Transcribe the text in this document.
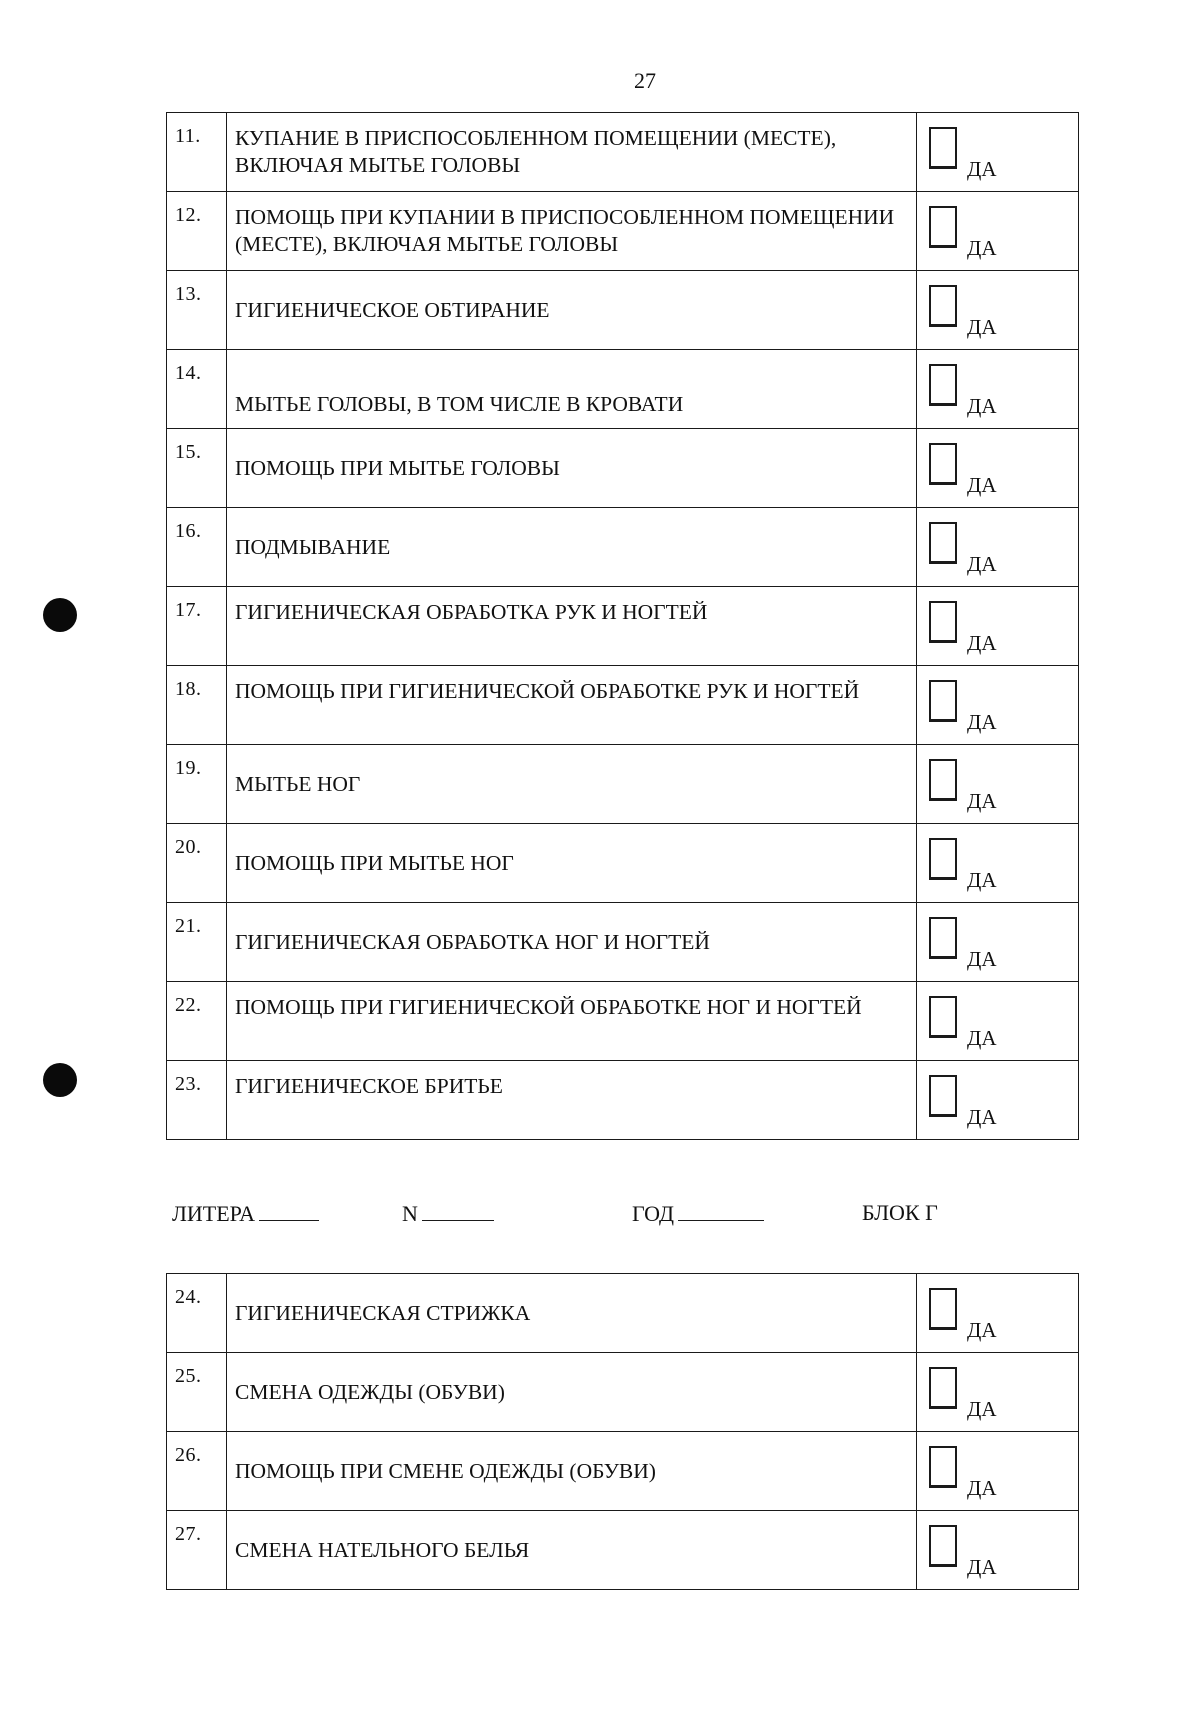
27
11.	КУПАНИЕ В ПРИСПОСОБЛЕННОМ ПОМЕЩЕНИИ (МЕСТЕ), ВКЛЮЧАЯ МЫТЬЕ ГОЛОВЫ	ДА

12.	ПОМОЩЬ ПРИ КУПАНИИ В ПРИСПОСОБЛЕННОМ ПОМЕЩЕНИИ (МЕСТЕ), ВКЛЮЧАЯ МЫТЬЕ ГОЛОВЫ	ДА

13.	ГИГИЕНИЧЕСКОЕ ОБТИРАНИЕ	ДА

14.	МЫТЬЕ ГОЛОВЫ, В ТОМ ЧИСЛЕ В КРОВАТИ	ДА

15.	ПОМОЩЬ ПРИ МЫТЬЕ ГОЛОВЫ	ДА

16.	ПОДМЫВАНИЕ	ДА

17.	ГИГИЕНИЧЕСКАЯ ОБРАБОТКА РУК И НОГТЕЙ	ДА

18.	ПОМОЩЬ ПРИ ГИГИЕНИЧЕСКОЙ ОБРАБОТКЕ РУК И НОГТЕЙ	ДА

19.	МЫТЬЕ НОГ	ДА

20.	ПОМОЩЬ ПРИ МЫТЬЕ НОГ	ДА

21.	ГИГИЕНИЧЕСКАЯ ОБРАБОТКА НОГ И НОГТЕЙ	ДА

22.	ПОМОЩЬ ПРИ ГИГИЕНИЧЕСКОЙ ОБРАБОТКЕ НОГ И НОГТЕЙ	ДА

23.	ГИГИЕНИЧЕСКОЕ БРИТЬЕ	ДА
ЛИТЕРА	N	ГОД	БЛОК Г
24.	ГИГИЕНИЧЕСКАЯ СТРИЖКА	ДА

25.	СМЕНА ОДЕЖДЫ (ОБУВИ)	ДА

26.	ПОМОЩЬ ПРИ СМЕНЕ ОДЕЖДЫ (ОБУВИ)	ДА

27.	СМЕНА НАТЕЛЬНОГО БЕЛЬЯ	ДА
